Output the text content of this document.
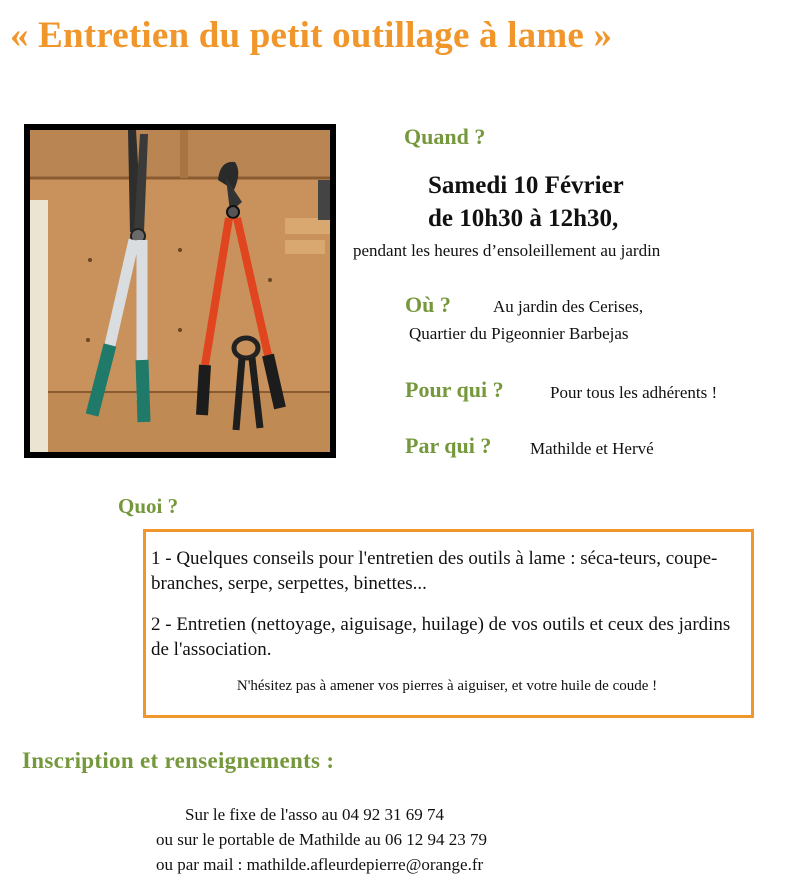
« Entretien du petit outillage à lame »
Quand ?
Samedi 10 Février
de 10h30 à 12h30,
pendant les heures d’ensoleillement au jardin
Où ? Au jardin des Cerises,
Quartier du Pigeonnier Barbejas
Pour qui ?	Pour tous les adhérents !
Par qui ? Mathilde et Hervé
Quoi ?
1 - Quelques conseils pour l'entretien des outils à lame : séca-teurs, coupe-branches, serpe, serpettes, binettes...
2 - Entretien (nettoyage, aiguisage, huilage) de vos outils et ceux des jardins de l'association.
N'hésitez pas à amener vos pierres à aiguiser, et votre huile de coude !
Inscription et renseignements :
Sur le fixe de l'asso au 04 92 31 69 74
ou sur le portable de Mathilde au 06 12 94 23 79
ou par mail : mathilde.afleurdepierre@orange.fr
